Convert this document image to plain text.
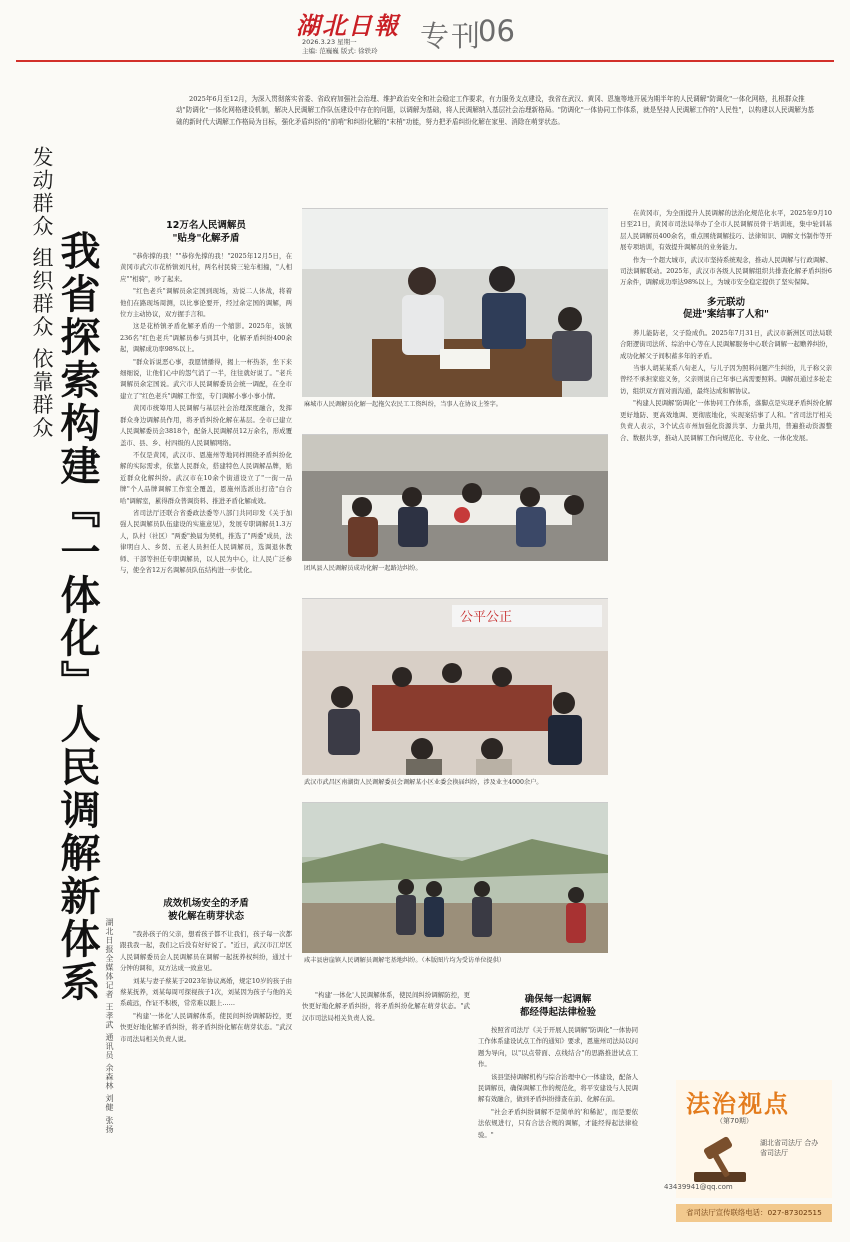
湖北日報
2026.3.23 星期一
主编: 范巍巍 版式: 徐轶玲 专刊
06
2025年6月至12月，为深入贯彻落实省委、省政府加强社会治理、维护政治安全和社会稳定工作要求，有力服务支点建设，我省在武汉、黄冈、恩施等地开展为期半年的人民调解"防调化"一体化网格，扎根群众推动"防调化"一体化网格建设机制，解决人民调解工作队伍建设中存在的问题，以调解为基础，将人民调解纳入基层社会治理新格局。"防调化"一体协同工作体系，就是坚持人民调解工作的"人民性"，以构建以人民调解为基础的新时代大调解工作格局为目标，强化矛盾纠纷的"前哨"和纠纷化解的"末梢"功能，努力把矛盾纠纷化解在家里、消除在萌芽状态。
发动群众 组织群众 依靠群众 我省探索构建『一体化』人民调解新体系
湖北日报全媒体记者 王孝武 通讯员 余森林 刘健 张扬
12万名人民调解员
"贴身"化解矛盾

"恭你撑的我！""恭你先撑的我！"2025年12月5日，在黄冈市武穴市花桥镇刘凡村，两名村民骑三轮车相撞，"人相应""相骑"，吵了起来。

"红色老兵"调解员余定国到现场，劝说二人休战，将着他们在路现场周测，以比事论要开，经过余定国的调解，两位方主动协议，双方握手言和。

这是花桥镇矛盾化解矛盾的一个缩影。2025年，该镇236名"红色老兵"调解员参与到其中，化解矛盾纠纷400余起，调解成功率98%以上。

"群众诉说恶心事，我愿情播得，揭上一杯热茶，坐下来细细说，让他们心中的怨气消了一半，往往就好说了。"老兵调解员余定国说。武穴市人民调解委员会统一调配，在全市建立了"红色老兵"调解工作室，专门调解小事小事小情。

黄冈市统筹用人民调解与基层社会治理深度融合，发挥群众身边调解员作用，将矛盾纠纷化解在基层。全市已建立人民调解委员会3818个，配备人民调解员12万余名，形成覆盖市、县、乡、村四级的人民调解网络。

不仅是黄冈，武汉市、恩施州等地同样围绕矛盾纠纷化解的实际需求，依靠人民群众，搭建特色人民调解品牌，贴近群众化解纠纷。武汉市在10余个街道设立了"一街一品牌"个人品牌调解工作室全覆盖，恩施州选派出打造"白合哈"调解室，累得群众普调资料、推进矛盾化解成效。

省司法厅还联合省委政法委等八部门共同印发《关于加强人民调解员队伍建设的实施意见》，发展专职调解员1.3万人，队村（社区）"两委"换届为契机，推选了"两委"成员，法律明白人、乡贤、五老人员担任人民调解员，选调退休教师、干部等担任专职调解员，以人民为中心，让人民广泛参与，使全省12万名调解员队伍结构进一步优化。

成效机场安全的矛盾
被化解在萌芽状态

"我孙孩子的父亲，想看孩子都不让我们，孩子每一次都跟我我一起，我们之后没有好好说了。"近日，武汉市江岸区人民调解委员会人民调解员在调解一起抚养权纠纷，通过十分钟的调和，双方达成一致意见。

刘某与妻子蔡某于2023年协议离婚，规定10岁的孩子由蔡某抚养，刘某每周可探视孩子1次，刘某因为孩子与他的关系疏远，作证不积极，常常难以跟上……

"构建'一体化'人民调解体系，使民间纠纷调解防控，更快更好地化解矛盾纠纷，将矛盾纠纷化解在萌芽状态。"武汉市司法局相关负责人说。

麻城市人民调解员化解一起拖欠农民工工资纠纷，当事人在协议上签字。
团风县人民调解员成功化解一起路边纠纷。
公平公正
武汉市武昌区南湖街人民调解委员会调解某小区业委会换届纠纷，涉及业主4000余户。
咸丰县唐崖镇人民调解员调解宅基地纠纷。（本版图片均为受访单位提供）

"构建'一体化'人民调解体系，使民间纠纷调解防控，更快更好地化解矛盾纠纷，将矛盾纠纷化解在萌芽状态。"武汉市司法局相关负责人说。

确保每一起调解
都经得起法律检验

按照省司法厅《关于开展人民调解"防调化"一体协同工作体系建设试点工作的通知》要求，恩施州司法局以问题为导向，以"以点带面、点线结合"的思路推进试点工作。

该县坚持调解机构与综合治理中心一体建设，配备人民调解员，确保调解工作的规范化，将平安建设与人民调解有效融合，做到矛盾纠纷排查在前、化解在前。

"社会矛盾纠纷调解不是简单的'和稀泥'，而是要依法依规进行，只有合法合规的调解，才能经得起法律检验。"

在黄冈市，为全面提升人民调解的法治化规范化水平，2025年9月10日至21日，黄冈市司法局举办了全市人民调解员骨干培训班，集中轮训基层人民调解员400余名，重点围绕调解技巧、法律知识、调解文书制作等开展专项培训，有效提升调解员的业务能力。

作为一个超大城市，武汉市坚持系统观念，推动人民调解与行政调解、司法调解联动。2025年，武汉市各级人民调解组织共排查化解矛盾纠纷6万余件，调解成功率达98%以上，为城市安全稳定提供了坚实保障。

多元联动
促进"案结事了人和"

养儿能防老，父子险成仇。2025年7月31日，武汉市新洲区司法局联合阳逻街司法所、综治中心等在人民调解服务中心联合调解一起赡养纠纷，成功化解父子间积蓄多年的矛盾。

当事人胡某某系八旬老人，与儿子因为照料问题产生纠纷，儿子称父亲曾经不承担家庭义务，父亲则说自己年事已高需要照料。调解员通过多轮走访，组织双方面对面沟通，最终达成和解协议。

"构建人民调解'防调化'一体协同工作体系，落脚点是实现矛盾纠纷化解更好地防、更高效地调、更彻底地化，实现案结事了人和。"省司法厅相关负责人表示，3个试点市州加强化资源共享、力量共用，普遍推动资源整合、数据共享，推动人民调解工作向规范化、专业化、一体化发展。

法治视点
（第70期）
湖北省司法厅 合办
省司法厅
43439941@qq.com
省司法厅宣传联络电话：027-87302515
